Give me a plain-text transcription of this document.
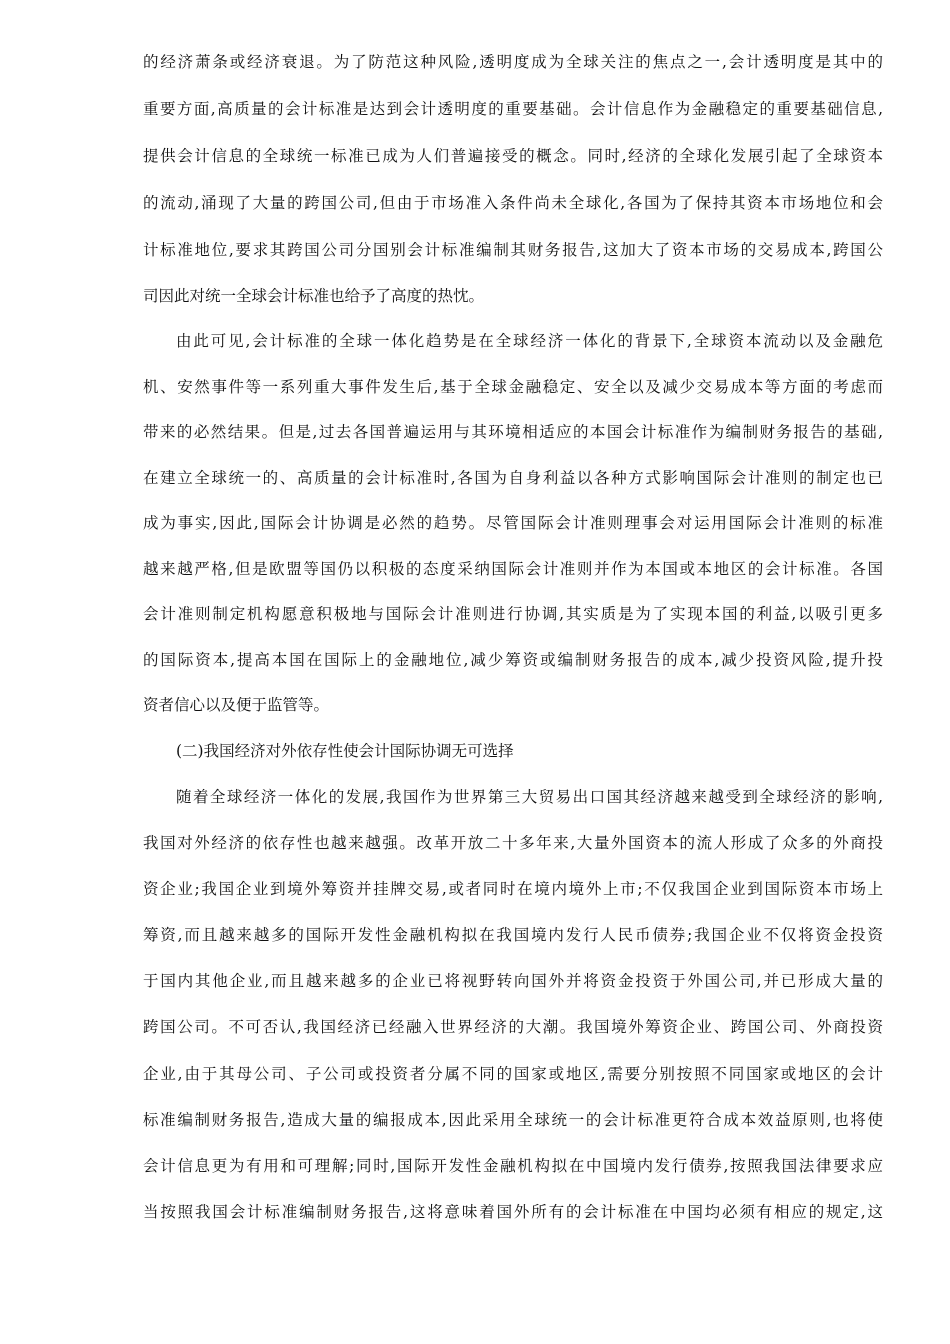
的经济萧条或经济衰退。为了防范这种风险,透明度成为全球关注的焦点之一,会计透明度是其中的
重要方面,高质量的会计标准是达到会计透明度的重要基础。会计信息作为金融稳定的重要基础信息,
提供会计信息的全球统一标准已成为人们普遍接受的概念。同时,经济的全球化发展引起了全球资本
的流动,涌现了大量的跨国公司,但由于市场准入条件尚未全球化,各国为了保持其资本市场地位和会
计标准地位,要求其跨国公司分国别会计标准编制其财务报告,这加大了资本市场的交易成本,跨国公
司因此对统一全球会计标准也给予了高度的热忱。
由此可见,会计标准的全球一体化趋势是在全球经济一体化的背景下,全球资本流动以及金融危
机、安然事件等一系列重大事件发生后,基于全球金融稳定、安全以及减少交易成本等方面的考虑而
带来的必然结果。但是,过去各国普遍运用与其环境相适应的本国会计标准作为编制财务报告的基础,
在建立全球统一的、高质量的会计标准时,各国为自身利益以各种方式影响国际会计准则的制定也已
成为事实,因此,国际会计协调是必然的趋势。尽管国际会计准则理事会对运用国际会计准则的标准
越来越严格,但是欧盟等国仍以积极的态度采纳国际会计准则并作为本国或本地区的会计标准。各国
会计准则制定机构愿意积极地与国际会计准则进行协调,其实质是为了实现本国的利益,以吸引更多
的国际资本,提高本国在国际上的金融地位,减少筹资或编制财务报告的成本,减少投资风险,提升投
资者信心以及便于监管等。
(二)我国经济对外依存性使会计国际协调无可选择
随着全球经济一体化的发展,我国作为世界第三大贸易出口国其经济越来越受到全球经济的影响,
我国对外经济的依存性也越来越强。改革开放二十多年来,大量外国资本的流人形成了众多的外商投
资企业;我国企业到境外筹资并挂牌交易,或者同时在境内境外上市;不仅我国企业到国际资本市场上
筹资,而且越来越多的国际开发性金融机构拟在我国境内发行人民币债券;我国企业不仅将资金投资
于国内其他企业,而且越来越多的企业已将视野转向国外并将资金投资于外国公司,并已形成大量的
跨国公司。不可否认,我国经济已经融入世界经济的大潮。我国境外筹资企业、跨国公司、外商投资
企业,由于其母公司、子公司或投资者分属不同的国家或地区,需要分别按照不同国家或地区的会计
标准编制财务报告,造成大量的编报成本,因此采用全球统一的会计标准更符合成本效益原则,也将使
会计信息更为有用和可理解;同时,国际开发性金融机构拟在中国境内发行债券,按照我国法律要求应
当按照我国会计标准编制财务报告,这将意味着国外所有的会计标准在中国均必须有相应的规定,这
